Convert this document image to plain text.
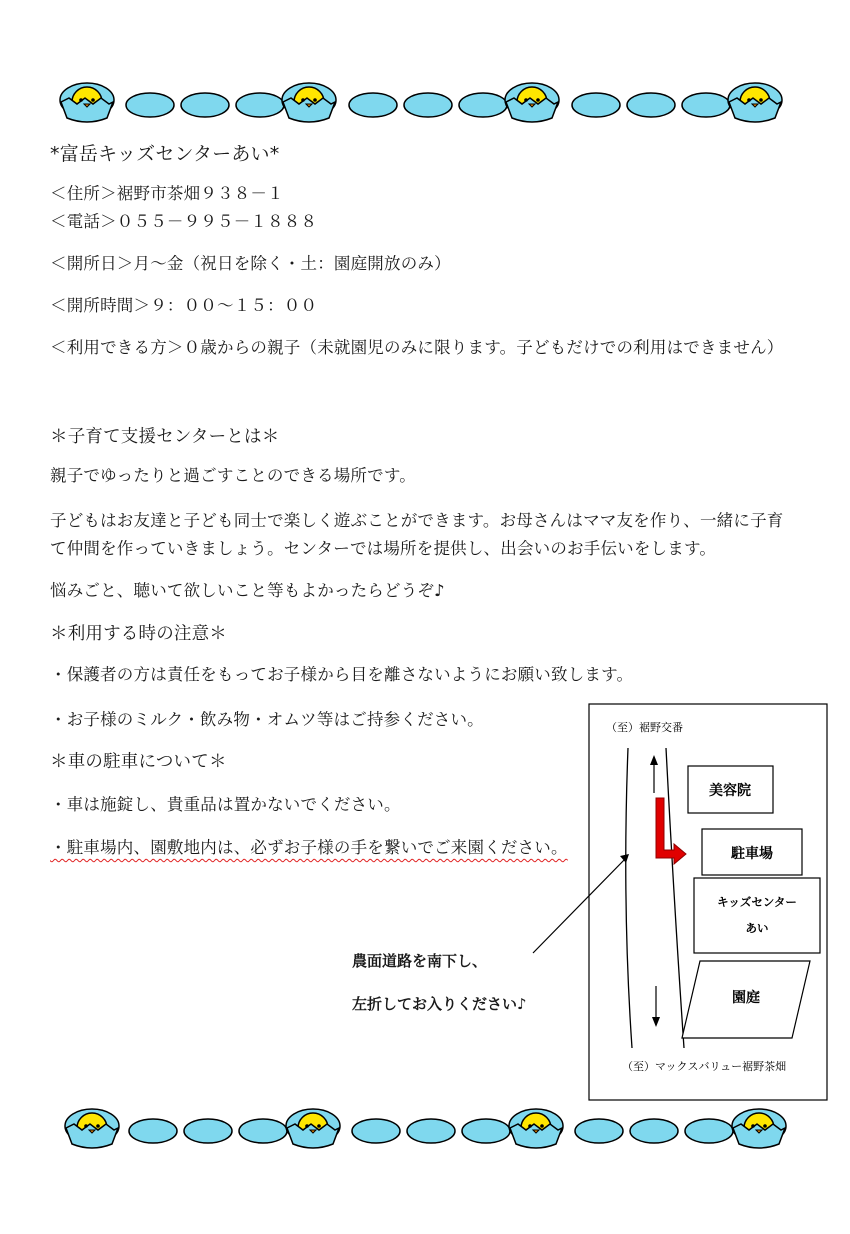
*富岳キッズセンターあい*
＜住所＞裾野市茶畑９３８－１
＜電話＞０５５－９９５－１８８８
＜開所日＞月～金（祝日を除く・土：園庭開放のみ）
＜開所時間＞９：００～１５：００
＜利用できる方＞０歳からの親子（未就園児のみに限ります。子どもだけでの利用はできません）
＊子育て支援センターとは＊
親子でゆったりと過ごすことのできる場所です。
子どもはお友達と子ども同士で楽しく遊ぶことができます。お母さんはママ友を作り、一緒に子育
て仲間を作っていきましょう。センターでは場所を提供し、出会いのお手伝いをします。
悩みごと、聴いて欲しいこと等もよかったらどうぞ♪
＊利用する時の注意＊
・保護者の方は責任をもってお子様から目を離さないようにお願い致します。
・お子様のミルク・飲み物・オムツ等はご持参ください。
＊車の駐車について＊
・車は施錠し、貴重品は置かないでください。
・駐車場内、園敷地内は、必ずお子様の手を繋いでご来園ください。
（至）裾野交番
美容院
駐車場
キッズセンター
あい
園庭
（至）マックスバリュー裾野茶畑
農面道路を南下し、
左折してお入りください♪
